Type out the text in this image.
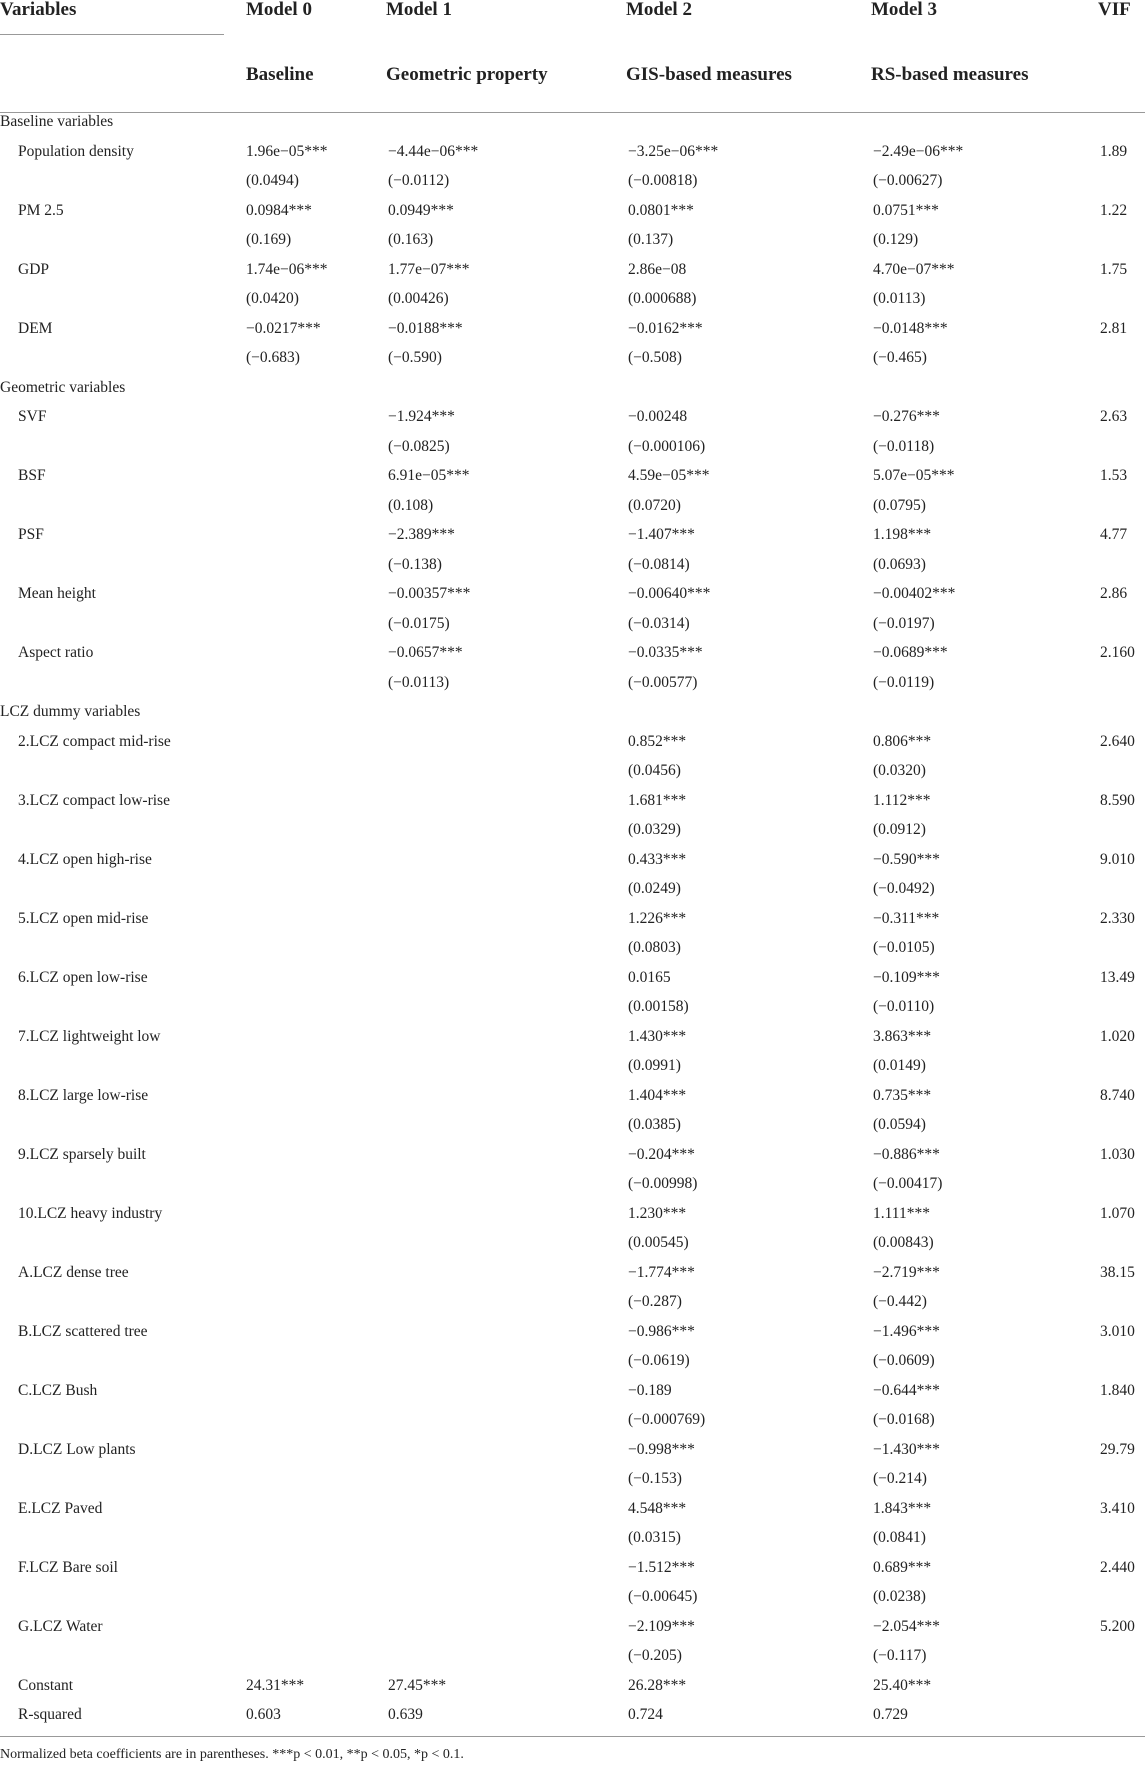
Variables	Model 0	Model 1	Model 2	Model 3	VIF
	Baseline	Geometric property	GIS-based measures	RS-based measures	
Baseline variables					
Population density	1.96e−05***	−4.44e−06***	−3.25e−06***	−2.49e−06***	1.89
	(0.0494)	(−0.0112)	(−0.00818)	(−0.00627)	
PM 2.5	0.0984***	0.0949***	0.0801***	0.0751***	1.22
	(0.169)	(0.163)	(0.137)	(0.129)	
GDP	1.74e−06***	1.77e−07***	2.86e−08	4.70e−07***	1.75
	(0.0420)	(0.00426)	(0.000688)	(0.0113)	
DEM	−0.0217***	−0.0188***	−0.0162***	−0.0148***	2.81
	(−0.683)	(−0.590)	(−0.508)	(−0.465)	
Geometric variables					
SVF		−1.924***	−0.00248	−0.276***	2.63
		(−0.0825)	(−0.000106)	(−0.0118)	
BSF		6.91e−05***	4.59e−05***	5.07e−05***	1.53
		(0.108)	(0.0720)	(0.0795)	
PSF		−2.389***	−1.407***	1.198***	4.77
		(−0.138)	(−0.0814)	(0.0693)	
Mean height		−0.00357***	−0.00640***	−0.00402***	2.86
		(−0.0175)	(−0.0314)	(−0.0197)	
Aspect ratio		−0.0657***	−0.0335***	−0.0689***	2.160
		(−0.0113)	(−0.00577)	(−0.0119)	
LCZ dummy variables					
2.LCZ compact mid-rise			0.852***	0.806***	2.640
			(0.0456)	(0.0320)	
3.LCZ compact low-rise			1.681***	1.112***	8.590
			(0.0329)	(0.0912)	
4.LCZ open high-rise			0.433***	−0.590***	9.010
			(0.0249)	(−0.0492)	
5.LCZ open mid-rise			1.226***	−0.311***	2.330
			(0.0803)	(−0.0105)	
6.LCZ open low-rise			0.0165	−0.109***	13.49
			(0.00158)	(−0.0110)	
7.LCZ lightweight low			1.430***	3.863***	1.020
			(0.0991)	(0.0149)	
8.LCZ large low-rise			1.404***	0.735***	8.740
			(0.0385)	(0.0594)	
9.LCZ sparsely built			−0.204***	−0.886***	1.030
			(−0.00998)	(−0.00417)	
10.LCZ heavy industry			1.230***	1.111***	1.070
			(0.00545)	(0.00843)	
A.LCZ dense tree			−1.774***	−2.719***	38.15
			(−0.287)	(−0.442)	
B.LCZ scattered tree			−0.986***	−1.496***	3.010
			(−0.0619)	(−0.0609)	
C.LCZ Bush			−0.189	−0.644***	1.840
			(−0.000769)	(−0.0168)	
D.LCZ Low plants			−0.998***	−1.430***	29.79
			(−0.153)	(−0.214)	
E.LCZ Paved			4.548***	1.843***	3.410
			(0.0315)	(0.0841)	
F.LCZ Bare soil			−1.512***	0.689***	2.440
			(−0.00645)	(0.0238)	
G.LCZ Water			−2.109***	−2.054***	5.200
			(−0.205)	(−0.117)	
Constant	24.31***	27.45***	26.28***	25.40***	
R-squared	0.603	0.639	0.724	0.729	
Normalized beta coefficients are in parentheses. ***p < 0.01, **p < 0.05, *p < 0.1.
